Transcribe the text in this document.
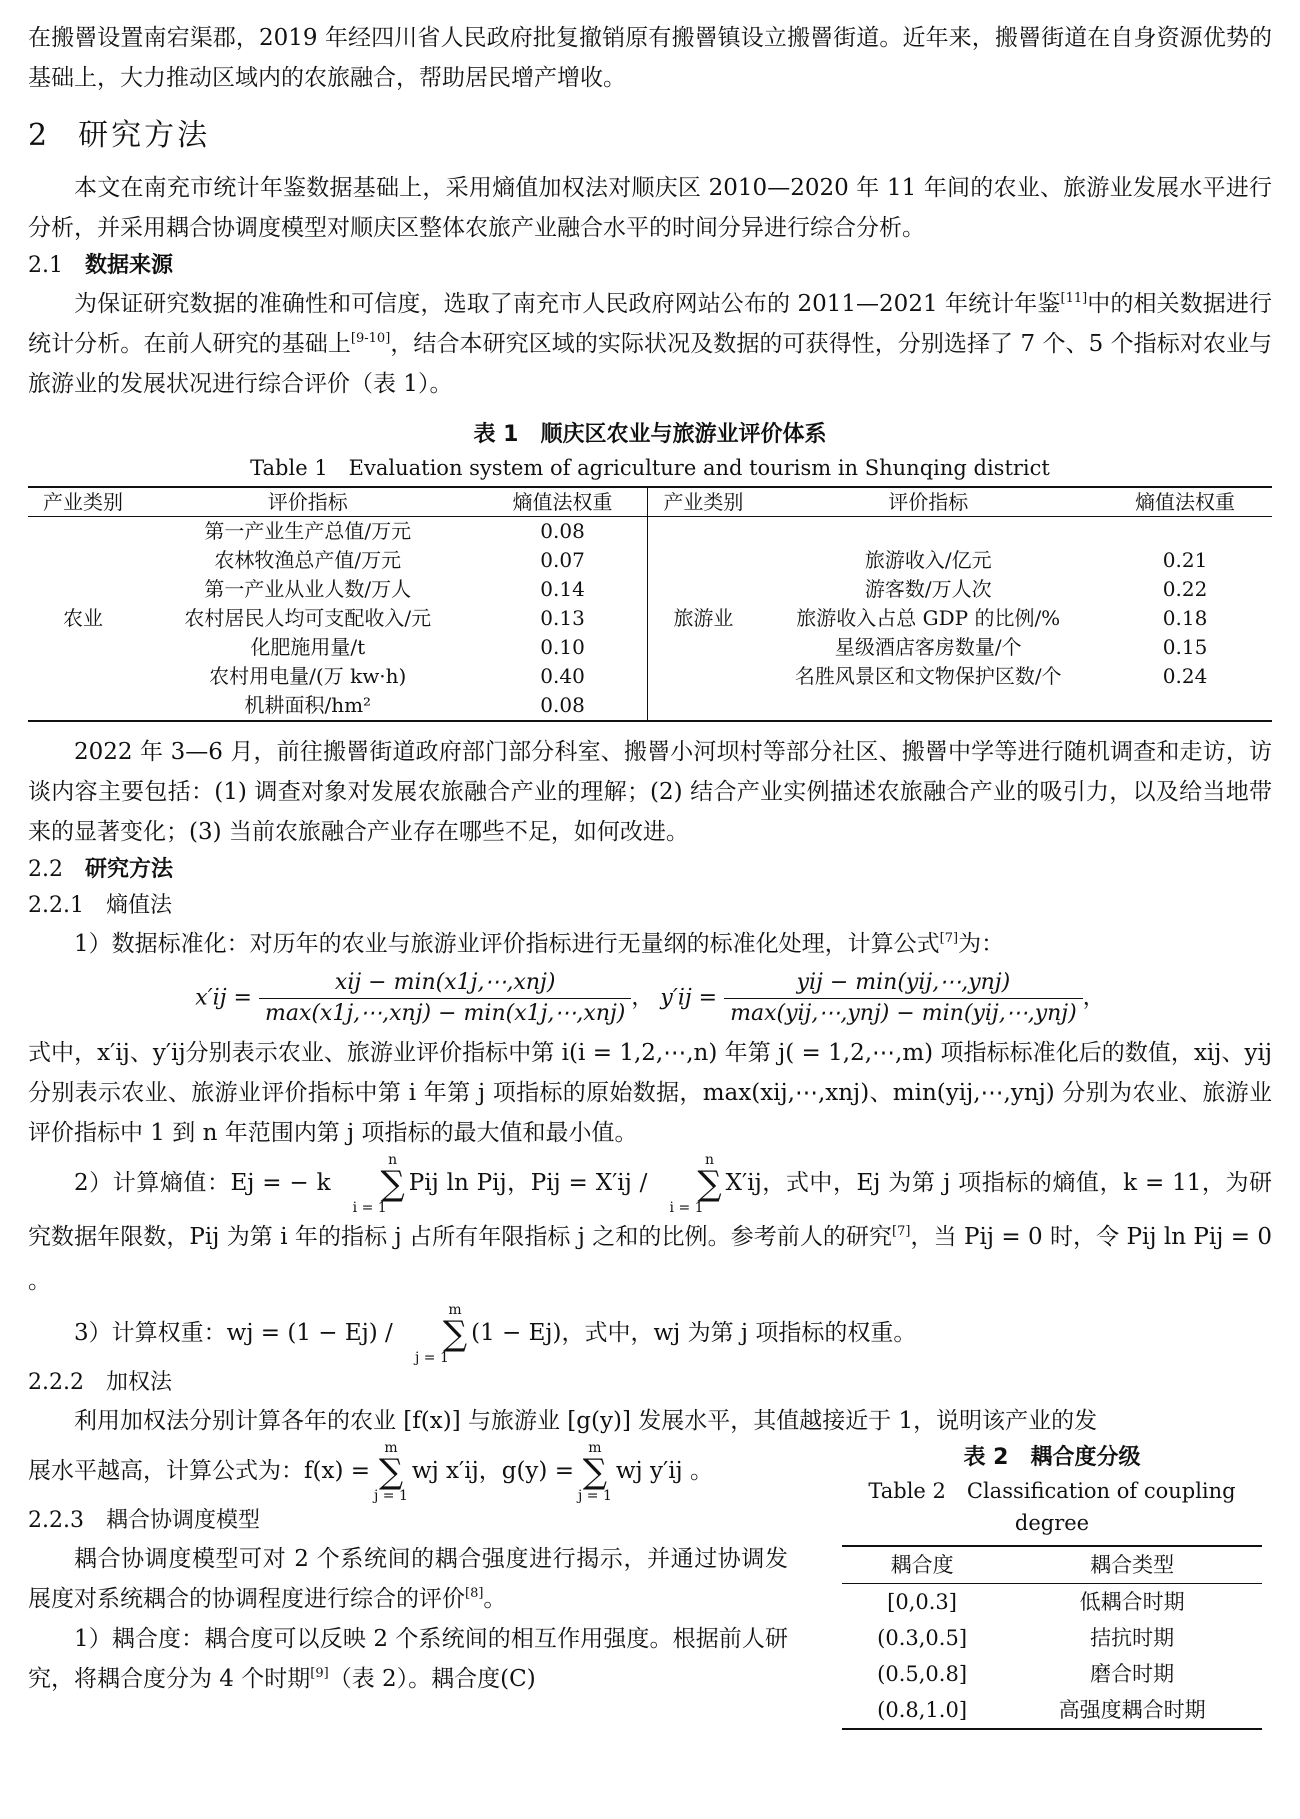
在搬罾设置南宕渠郡，2019 年经四川省人民政府批复撤销原有搬罾镇设立搬罾街道。近年来，搬罾街道在自身资源优势的基础上，大力推动区域内的农旅融合，帮助居民增产增收。

2 研究方法

本文在南充市统计年鉴数据基础上，采用熵值加权法对顺庆区 2010—2020 年 11 年间的农业、旅游业发展水平进行分析，并采用耦合协调度模型对顺庆区整体农旅产业融合水平的时间分异进行综合分析。

2.1 数据来源

为保证研究数据的准确性和可信度，选取了南充市人民政府网站公布的 2011—2021 年统计年鉴[11]中的相关数据进行统计分析。在前人研究的基础上[9-10]，结合本研究区域的实际状况及数据的可获得性，分别选择了 7 个、5 个指标对农业与旅游业的发展状况进行综合评价（表 1）。

表 1　顺庆区农业与旅游业评价体系
Table 1　Evaluation system of agriculture and tourism in Shunqing district
产业类别	评价指标	熵值法权重	产业类别	评价指标	熵值法权重
农业	第一产业生产总值/万元	0.08	旅游业		
	农林牧渔总产值/万元	0.07		旅游收入/亿元	0.21
	第一产业从业人数/万人	0.14		游客数/万人次	0.22
	农村居民人均可支配收入/元	0.13		旅游收入占总 GDP 的比例/%	0.18
	化肥施用量/t	0.10		星级酒店客房数量/个	0.15
	农村用电量/(万 kw·h)	0.40		名胜风景区和文物保护区数/个	0.24
	机耕面积/hm²	0.08			

2022 年 3—6 月，前往搬罾街道政府部门部分科室、搬罾小河坝村等部分社区、搬罾中学等进行随机调查和走访，访谈内容主要包括：(1) 调查对象对发展农旅融合产业的理解；(2) 结合产业实例描述农旅融合产业的吸引力，以及给当地带来的显著变化；(3) 当前农旅融合产业存在哪些不足，如何改进。

2.2 研究方法
2.2.1 熵值法

1）数据标准化：对历年的农业与旅游业评价指标进行无量纲的标准化处理，计算公式[7]为：

$x'ij = \frac{\text{xij − min(x1j,⋯,xnj)}}{\text{max(x1j,⋯,xnj) − min(x1j,⋯,xnj)}}$ ， $y'ij = \frac{\text{yij − min(yij,⋯,ynj)}}{\text{max(yij,⋯,ynj) − min(yij,⋯,ynj)}}$ ，

式中，x′ij、y′ij分别表示农业、旅游业评价指标中第 i(i = 1,2,⋯,n) 年第 j( = 1,2,⋯,m) 项指标标准化后的数值，xij、yij分别表示农业、旅游业评价指标中第 i 年第 j 项指标的原始数据，max(xij,⋯,xnj)、min(yij,⋯,ynj) 分别为农业、旅游业评价指标中 1 到 n 年范围内第 j 项指标的最大值和最小值。

2）计算熵值：Ej = − kn
∑
i = 1Pij ln Pij，Pij = X′ij /n
∑
i = 1X′ij，式中，Ej 为第 j 项指标的熵值，k = 11，为研究数据年限数，Pij 为第 i 年的指标 j 占所有年限指标 j 之和的比例。参考前人的研究[7]，当 Pij = 0 时，令 Pij ln Pij = 0 。

3）计算权重：wj = (1 − Ej) /m
∑
j = 1(1 − Ej)，式中，wj 为第 j 项指标的权重。

2.2.2 加权法

利用加权法分别计算各年的农业 [f(x)] 与旅游业 [g(y)] 发展水平，其值越接近于 1，说明该产业的发

展水平越高，计算公式为：f(x) =m
∑
j = 1wj x′ij，g(y) =m
∑
j = 1wj y′ij 。

2.2.3 耦合协调度模型

耦合协调度模型可对 2 个系统间的耦合强度进行揭示，并通过协调发展度对系统耦合的协调程度进行综合的评价[8]。

1）耦合度：耦合度可以反映 2 个系统间的相互作用强度。根据前人研究，将耦合度分为 4 个时期[9]（表 2）。耦合度(C)

表 2　耦合度分级
Table 2　Classification of coupling degree
耦合度	耦合类型
[0,0.3]	低耦合时期
(0.3,0.5]	拮抗时期
(0.5,0.8]	磨合时期
(0.8,1.0]	高强度耦合时期
